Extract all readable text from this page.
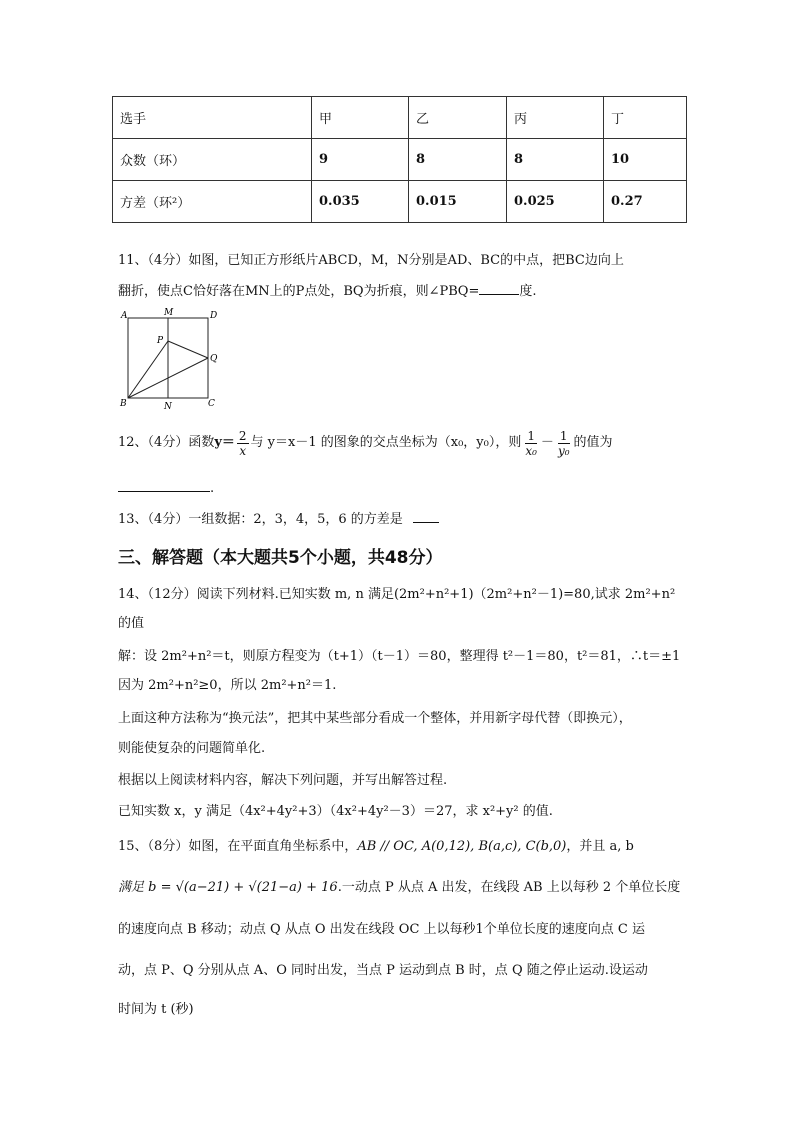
选手	甲	乙	丙	丁
众数（环）	9	8	8	10
方差（环²）	0.035	0.015	0.025	0.27
11、（4分）如图，已知正方形纸片ABCD，M，N分别是AD、BC的中点，把BC边向上
翻折，使点C恰好落在MN上的P点处，BQ为折痕，则∠PBQ=	度.
A	M	D
P
Q
B	N	C
12、（4分）函数 $y= \frac{2}{x}$ 与 y＝x－1 的图象的交点坐标为（x₀，y₀），则 $\frac{1}{\text{x₀}} - \frac{1}{\text{y₀}}$ 的值为
.
13、（4分）一组数据：2，3，4，5，6 的方差是
三、解答题（本大题共5个小题，共48分）
14、（12分）阅读下列材料.已知实数 m, n 满足(2m²+n²+1)（2m²+n²－1)=80,试求 2m²+n²
的值
解：设 2m²+n²＝t，则原方程变为（t+1）（t－1）＝80，整理得 t²－1＝80，t²＝81，∴t＝±1
因为 2m²+n²≥0，所以 2m²+n²＝1.
上面这种方法称为“换元法”，把其中某些部分看成一个整体，并用新字母代替（即换元），
则能使复杂的问题简单化.
根据以上阅读材料内容，解决下列问题，并写出解答过程.
已知实数 x，y 满足（4x²+4y²+3）（4x²+4y²－3）＝27，求 x²+y² 的值.
15、（8分）如图，在平面直角坐标系中，AB // OC, A(0,12), B(a,c), C(b,0)，并且 a, b
满足 b = √(a−21) + √(21−a) + 16.一动点 P 从点 A 出发，在线段 AB 上以每秒 2 个单位长度
的速度向点 B 移动；动点 Q 从点 O 出发在线段 OC 上以每秒1个单位长度的速度向点 C 运
动，点 P、Q 分别从点 A、O 同时出发，当点 P 运动到点 B 时，点 Q 随之停止运动.设运动
时间为 t (秒)
